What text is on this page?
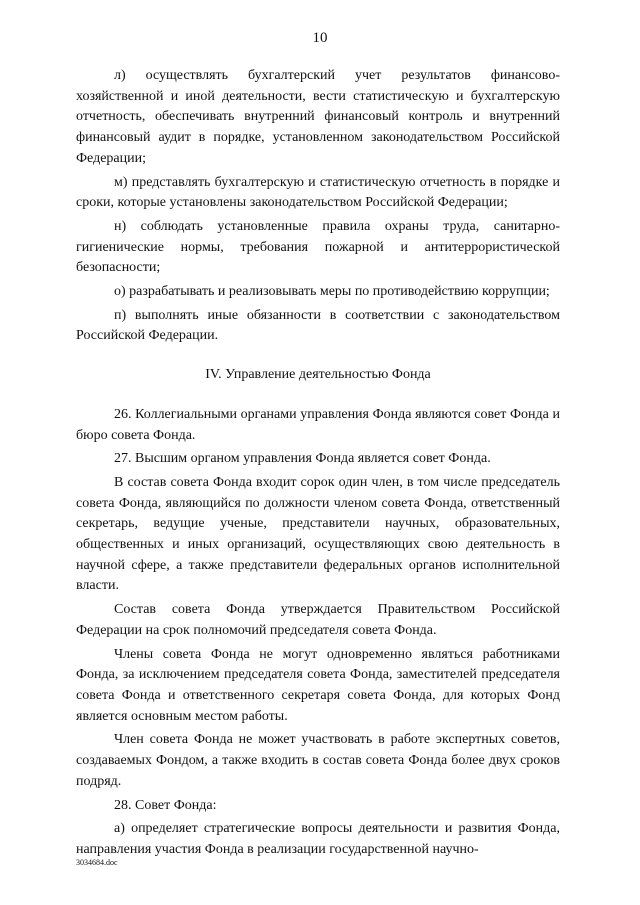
10

л) осуществлять бухгалтерский учет результатов финансово-хозяйственной и иной деятельности, вести статистическую и бухгалтерскую отчетность, обеспечивать внутренний финансовый контроль и внутренний финансовый аудит в порядке, установленном законодательством Российской Федерации;

м) представлять бухгалтерскую и статистическую отчетность в порядке и сроки, которые установлены законодательством Российской Федерации;

н) соблюдать установленные правила охраны труда, санитарно-гигиенические нормы, требования пожарной и антитеррористической безопасности;

о) разрабатывать и реализовывать меры по противодействию коррупции;

п) выполнять иные обязанности в соответствии с законодательством Российской Федерации.

IV. Управление деятельностью Фонда

26. Коллегиальными органами управления Фонда являются совет Фонда и бюро совета Фонда.

27. Высшим органом управления Фонда является совет Фонда.

В состав совета Фонда входит сорок один член, в том числе председатель совета Фонда, являющийся по должности членом совета Фонда, ответственный секретарь, ведущие ученые, представители научных, образовательных, общественных и иных организаций, осуществляющих свою деятельность в научной сфере, а также представители федеральных органов исполнительной власти.

Состав совета Фонда утверждается Правительством Российской Федерации на срок полномочий председателя совета Фонда.

Члены совета Фонда не могут одновременно являться работниками Фонда, за исключением председателя совета Фонда, заместителей председателя совета Фонда и ответственного секретаря совета Фонда, для которых Фонд является основным местом работы.

Член совета Фонда не может участвовать в работе экспертных советов, создаваемых Фондом, а также входить в состав совета Фонда более двух сроков подряд.

28. Совет Фонда:

а) определяет стратегические вопросы деятельности и развития Фонда, направления участия Фонда в реализации государственной научно-

3034684.doc
